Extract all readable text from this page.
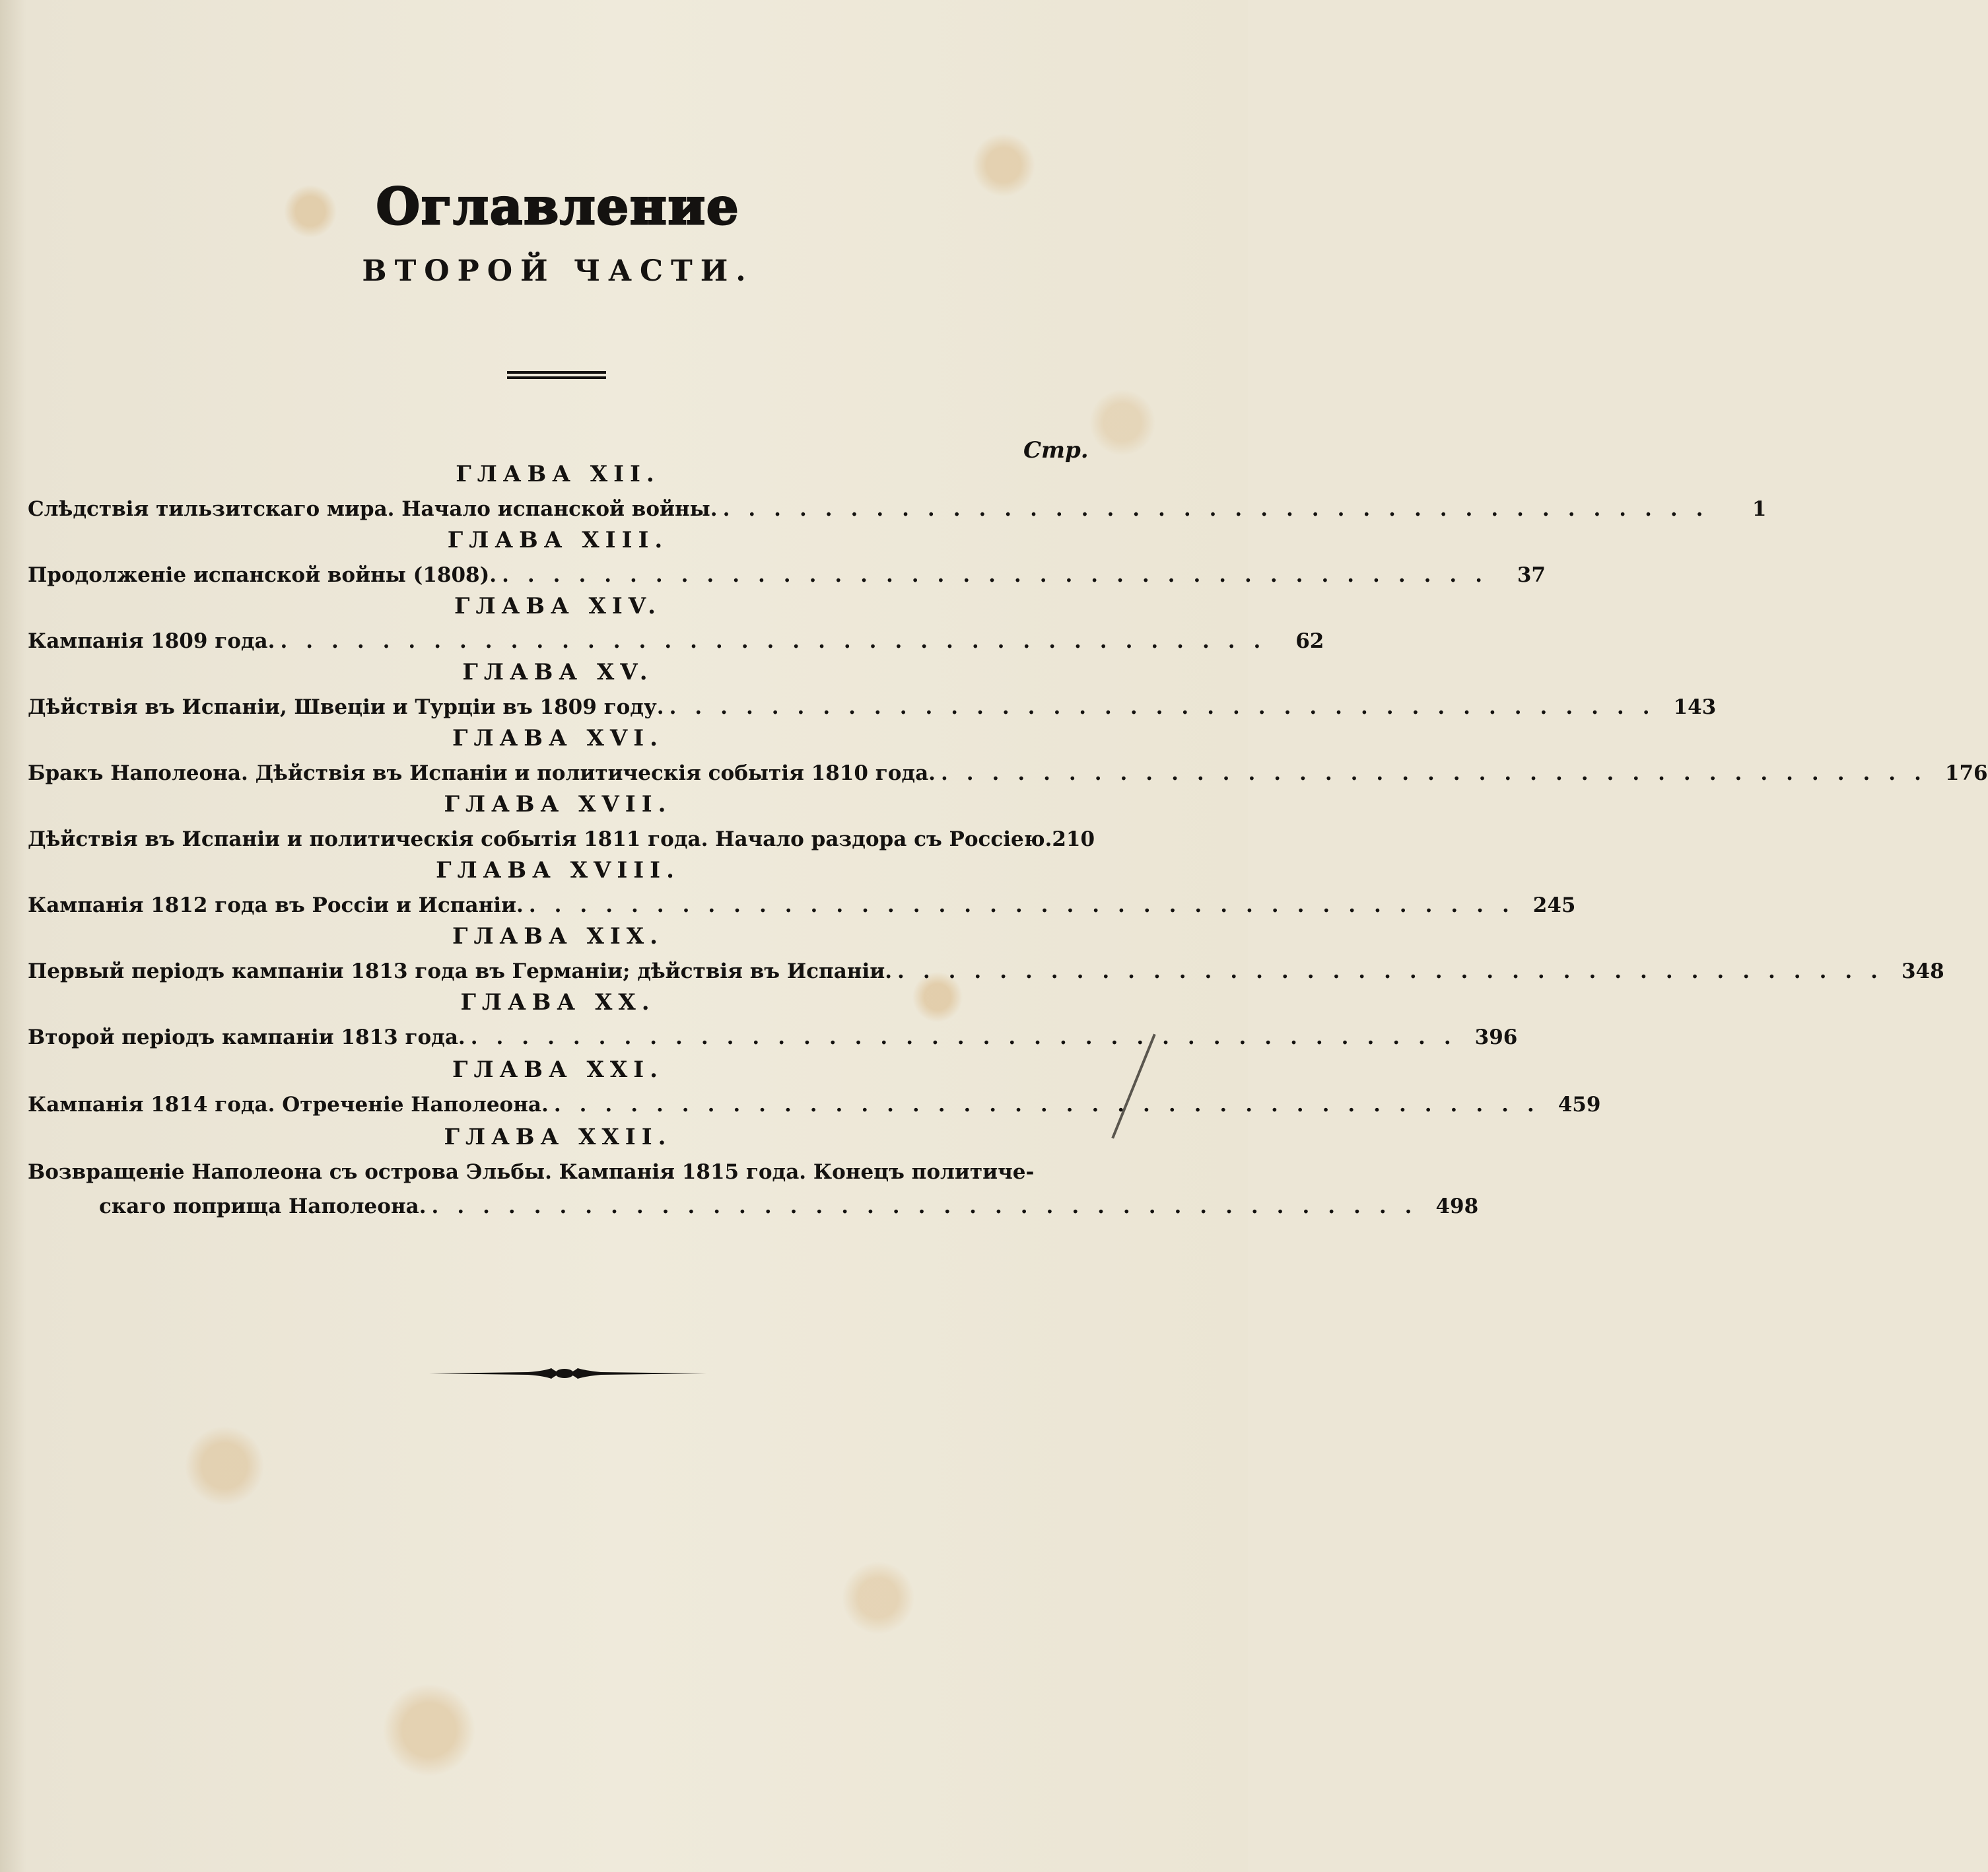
Оглавление
ВТОРОЙ ЧАСТИ.
Стр.
ГЛАВА XII.
Слѣдствія тильзитскаго мира. Начало испанской войны. .......................................	1
ГЛАВА XIII.
Продолженіе испанской войны (1808). ....................................... 37
ГЛАВА XIV.
Кампанія 1809 года. ....................................... 62
ГЛАВА XV.
Дѣйствія въ Испаніи, Швеціи и Турціи въ 1809 году. ....................................... 143
ГЛАВА XVI.
Бракъ Наполеона. Дѣйствія въ Испаніи и политическія событія 1810 года. ....................................... 176
ГЛАВА XVII.
Дѣйствія въ Испаніи и политическія событія 1811 года. Начало раздора съ Россіею. 210
ГЛАВА XVIII.
Кампанія 1812 года въ Россіи и Испаніи. ....................................... 245
ГЛАВА XIX.
Первый періодъ кампаніи 1813 года въ Германіи; дѣйствія въ Испаніи. ....................................... 348
ГЛАВА XX.
Второй періодъ кампаніи 1813 года. ....................................... 396
ГЛАВА XXI.
Кампанія 1814 года. Отреченіе Наполеона. ....................................... 459
ГЛАВА XXII.
Возвращеніе Наполеона съ острова Эльбы. Кампанія 1815 года. Конецъ политиче-
скаго поприща Наполеона. ....................................... 498
